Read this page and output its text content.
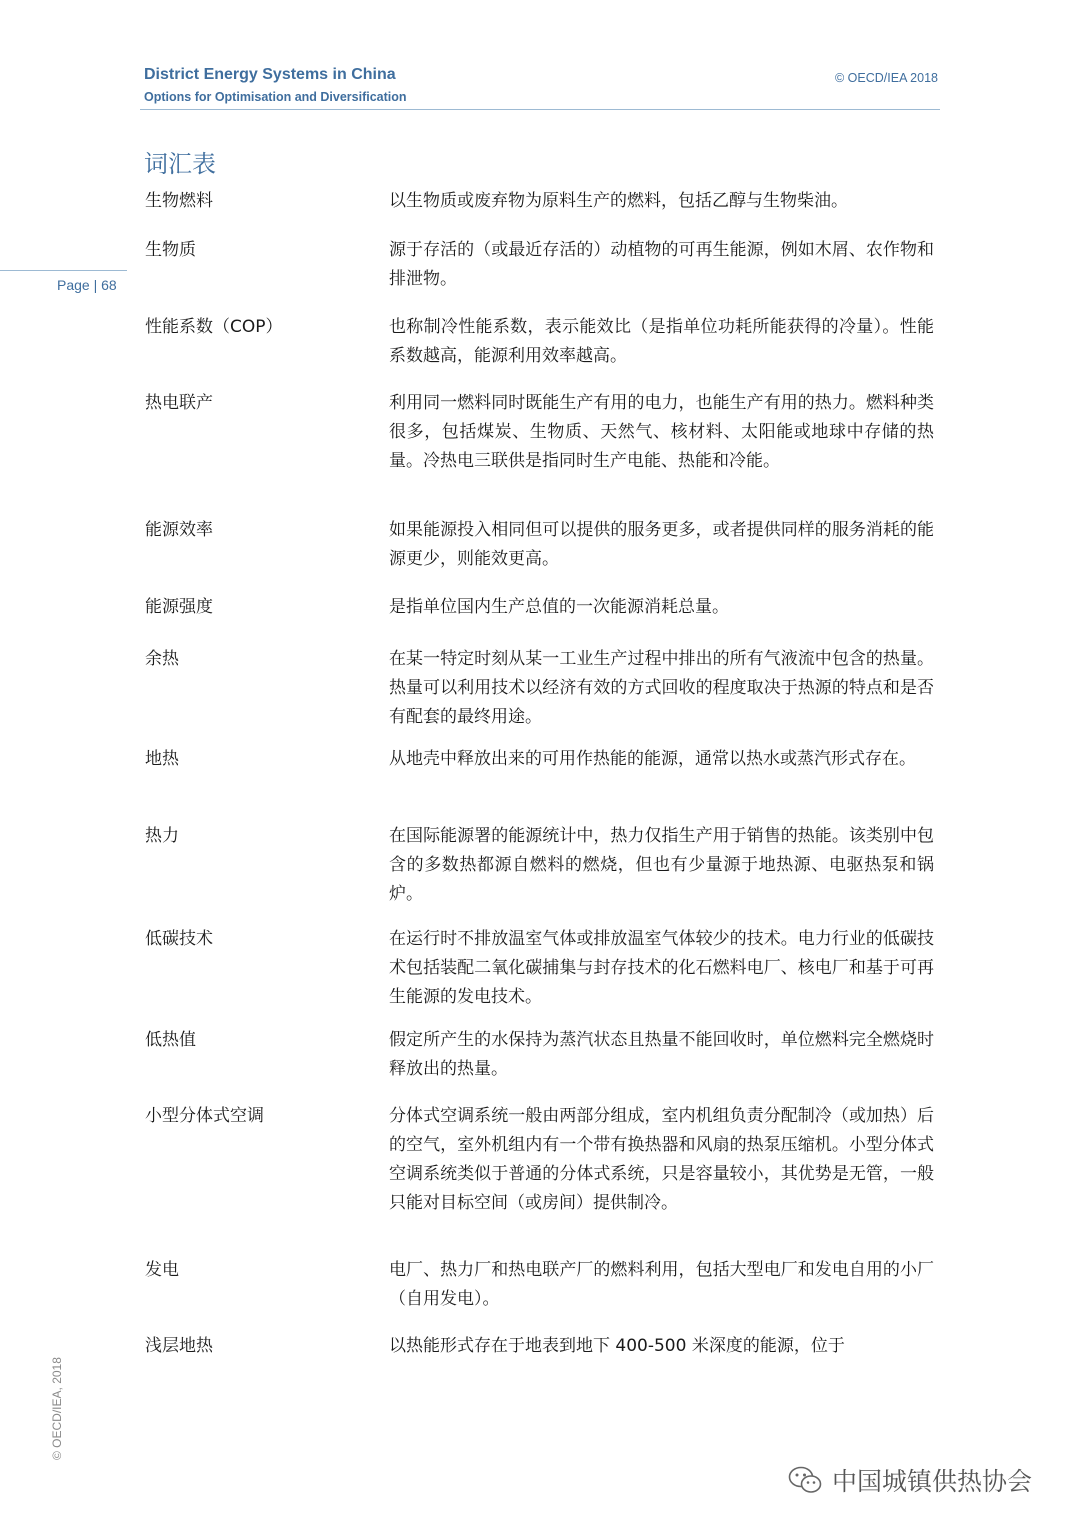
District Energy Systems in China
Options for Optimisation and Diversification
© OECD/IEA 2018
Page | 68
词汇表
生物燃料	以生物质或废弃物为原料生产的燃料，包括乙醇与生物柴油。
生物质	源于存活的（或最近存活的）动植物的可再生能源，例如木屑、农作物和排泄物。
性能系数（COP）	也称制冷性能系数，表示能效比（是指单位功耗所能获得的冷量）。性能系数越高，能源利用效率越高。
热电联产	利用同一燃料同时既能生产有用的电力，也能生产有用的热力。燃料种类很多，包括煤炭、生物质、天然气、核材料、太阳能或地球中存储的热量。冷热电三联供是指同时生产电能、热能和冷能。
能源效率	如果能源投入相同但可以提供的服务更多，或者提供同样的服务消耗的能源更少，则能效更高。
能源强度	是指单位国内生产总值的一次能源消耗总量。
余热	在某一特定时刻从某一工业生产过程中排出的所有气液流中包含的热量。热量可以利用技术以经济有效的方式回收的程度取决于热源的特点和是否有配套的最终用途。
地热	从地壳中释放出来的可用作热能的能源，通常以热水或蒸汽形式存在。
热力	在国际能源署的能源统计中，热力仅指生产用于销售的热能。该类别中包含的多数热都源自燃料的燃烧，但也有少量源于地热源、电驱热泵和锅炉。
低碳技术	在运行时不排放温室气体或排放温室气体较少的技术。电力行业的低碳技术包括装配二氧化碳捕集与封存技术的化石燃料电厂、核电厂和基于可再生能源的发电技术。
低热值	假定所产生的水保持为蒸汽状态且热量不能回收时，单位燃料完全燃烧时释放出的热量。
小型分体式空调	分体式空调系统一般由两部分组成，室内机组负责分配制冷（或加热）后的空气，室外机组内有一个带有换热器和风扇的热泵压缩机。小型分体式空调系统类似于普通的分体式系统，只是容量较小，其优势是无管，一般只能对目标空间（或房间）提供制冷。
发电	电厂、热力厂和热电联产厂的燃料利用，包括大型电厂和发电自用的小厂（自用发电）。
浅层地热	以热能形式存在于地表到地下 400-500 米深度的能源，位于
© OECD/IEA, 2018
中国城镇供热协会
